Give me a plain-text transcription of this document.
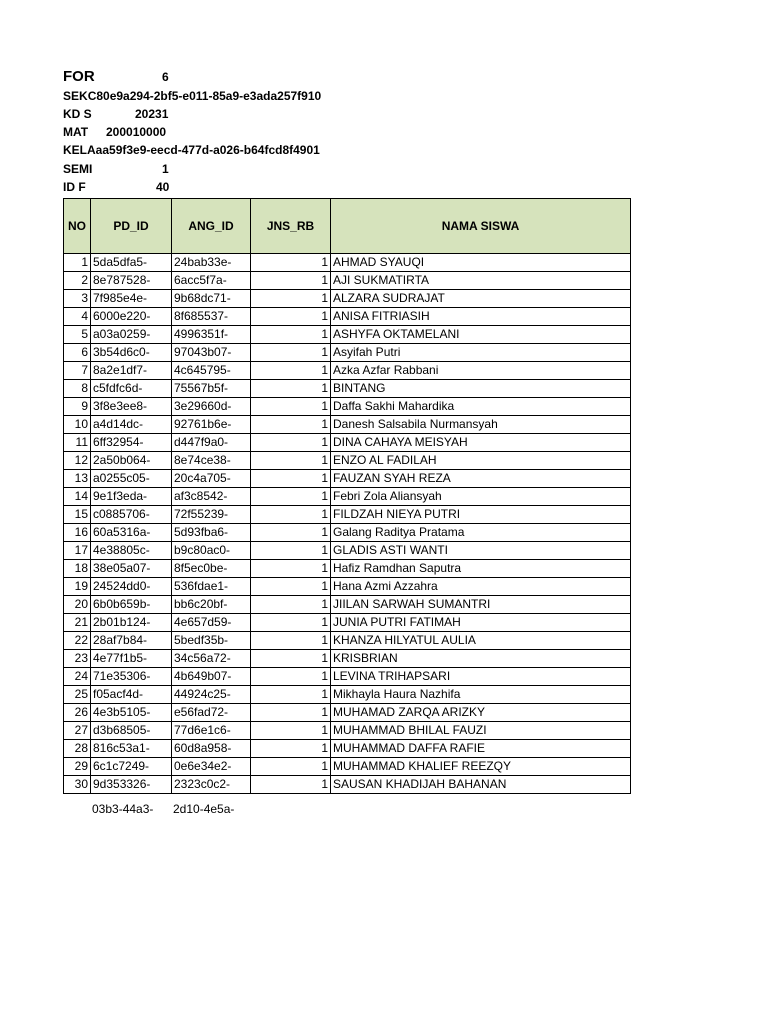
FOR	6
SEKC80e9a294-2bf5-e011-85a9-e3ada257f910
KD S	20231
MAT	200010000
KELAaa59f3e9-eecd-477d-a026-b64fcd8f4901
SEMI	1
ID F	40
NO	PD_ID	ANG_ID	JNS_RB	NAMA SISWA
1	5da5dfa5-	24bab33e-	1	AHMAD SYAUQI
2	8e787528-	6acc5f7a-	1	AJI SUKMATIRTA
3	7f985e4e-	9b68dc71-	1	ALZARA SUDRAJAT
4	6000e220-	8f685537-	1	ANISA FITRIASIH
5	a03a0259-	4996351f-	1	ASHYFA OKTAMELANI
6	3b54d6c0-	97043b07-	1	Asyifah Putri
7	8a2e1df7-	4c645795-	1	Azka Azfar Rabbani
8	c5fdfc6d-	75567b5f-	1	BINTANG
9	3f8e3ee8-	3e29660d-	1	Daffa Sakhi Mahardika
10	a4d14dc-	92761b6e-	1	Danesh Salsabila Nurmansyah
11	6ff32954-	d447f9a0-	1	DINA CAHAYA MEISYAH
12	2a50b064-	8e74ce38-	1	ENZO AL FADILAH
13	a0255c05-	20c4a705-	1	FAUZAN SYAH REZA
14	9e1f3eda-	af3c8542-	1	Febri Zola Aliansyah
15	c0885706-	72f55239-	1	FILDZAH NIEYA PUTRI
16	60a5316a-	5d93fba6-	1	Galang Raditya Pratama
17	4e38805c-	b9c80ac0-	1	GLADIS ASTI WANTI
18	38e05a07-	8f5ec0be-	1	Hafiz Ramdhan Saputra
19	24524dd0-	536fdae1-	1	Hana Azmi Azzahra
20	6b0b659b-	bb6c20bf-	1	JIILAN SARWAH SUMANTRI
21	2b01b124-	4e657d59-	1	JUNIA PUTRI FATIMAH
22	28af7b84-	5bedf35b-	1	KHANZA HILYATUL AULIA
23	4e77f1b5-	34c56a72-	1	KRISBRIAN
24	71e35306-	4b649b07-	1	LEVINA TRIHAPSARI
25	f05acf4d-	44924c25-	1	Mikhayla Haura Nazhifa
26	4e3b5105-	e56fad72-	1	MUHAMAD ZARQA ARIZKY
27	d3b68505-	77d6e1c6-	1	MUHAMMAD BHILAL FAUZI
28	816c53a1-	60d8a958-	1	MUHAMMAD DAFFA RAFIE
29	6c1c7249-	0e6e34e2-	1	MUHAMMAD KHALIEF REEZQY
30	9d353326-	2323c0c2-	1	SAUSAN KHADIJAH BAHANAN
03b3-44a3- 2d10-4e5a-
